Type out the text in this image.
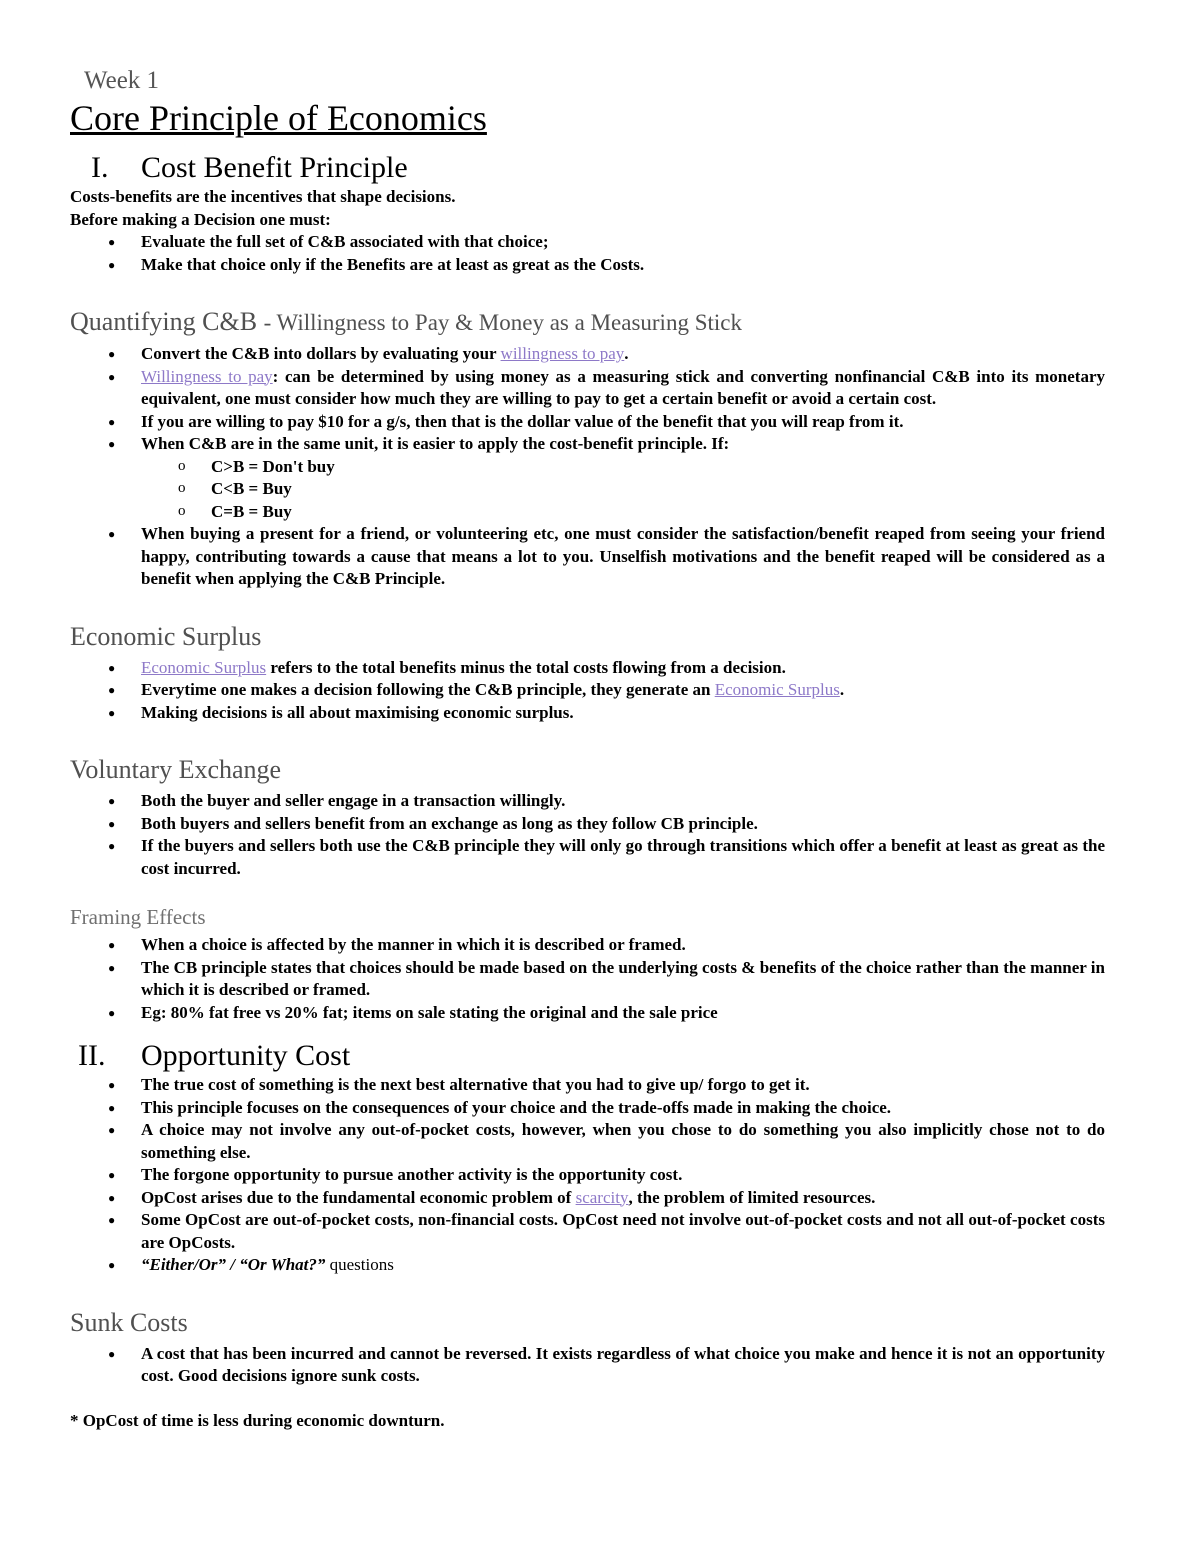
Week 1
Core Principle of Economics
I.	Cost Benefit Principle
Costs-benefits are the incentives that shape decisions.
Before making a Decision one must:
● Evaluate the full set of C&B associated with that choice;
● Make that choice only if the Benefits are at least as great as the Costs.
Quantifying C&B - Willingness to Pay & Money as a Measuring Stick
● Convert the C&B into dollars by evaluating your willingness to pay.
● Willingness to pay: can be determined by using money as a measuring stick and converting nonfinancial C&B into its monetary equivalent, one must consider how much they are willing to pay to get a certain benefit or avoid a certain cost.
● If you are willing to pay $10 for a g/s, then that is the dollar value of the benefit that you will reap from it.
● When C&B are in the same unit, it is easier to apply the cost-benefit principle. If:
o C>B = Don't buy
o C<B = Buy
o C=B = Buy
● When buying a present for a friend, or volunteering etc, one must consider the satisfaction/benefit reaped from seeing your friend happy, contributing towards a cause that means a lot to you. Unselfish motivations and the benefit reaped will be considered as a benefit when applying the C&B Principle.
Economic Surplus
● Economic Surplus refers to the total benefits minus the total costs flowing from a decision.
● Everytime one makes a decision following the C&B principle, they generate an Economic Surplus.
● Making decisions is all about maximising economic surplus.
Voluntary Exchange
● Both the buyer and seller engage in a transaction willingly.
● Both buyers and sellers benefit from an exchange as long as they follow CB principle.
● If the buyers and sellers both use the C&B principle they will only go through transitions which offer a benefit at least as great as the cost incurred.
Framing Effects
● When a choice is affected by the manner in which it is described or framed.
● The CB principle states that choices should be made based on the underlying costs & benefits of the choice rather than the manner in which it is described or framed.
● Eg: 80% fat free vs 20% fat; items on sale stating the original and the sale price
II.	Opportunity Cost
● The true cost of something is the next best alternative that you had to give up/ forgo to get it.
● This principle focuses on the consequences of your choice and the trade-offs made in making the choice.
● A choice may not involve any out-of-pocket costs, however, when you chose to do something you also implicitly chose not to do something else.
● The forgone opportunity to pursue another activity is the opportunity cost.
● OpCost arises due to the fundamental economic problem of scarcity, the problem of limited resources.
● Some OpCost are out-of-pocket costs, non-financial costs. OpCost need not involve out-of-pocket costs and not all out-of-pocket costs are OpCosts.
● “Either/Or” / “Or What?” questions
Sunk Costs
● A cost that has been incurred and cannot be reversed. It exists regardless of what choice you make and hence it is not an opportunity cost. Good decisions ignore sunk costs.
* OpCost of time is less during economic downturn.
